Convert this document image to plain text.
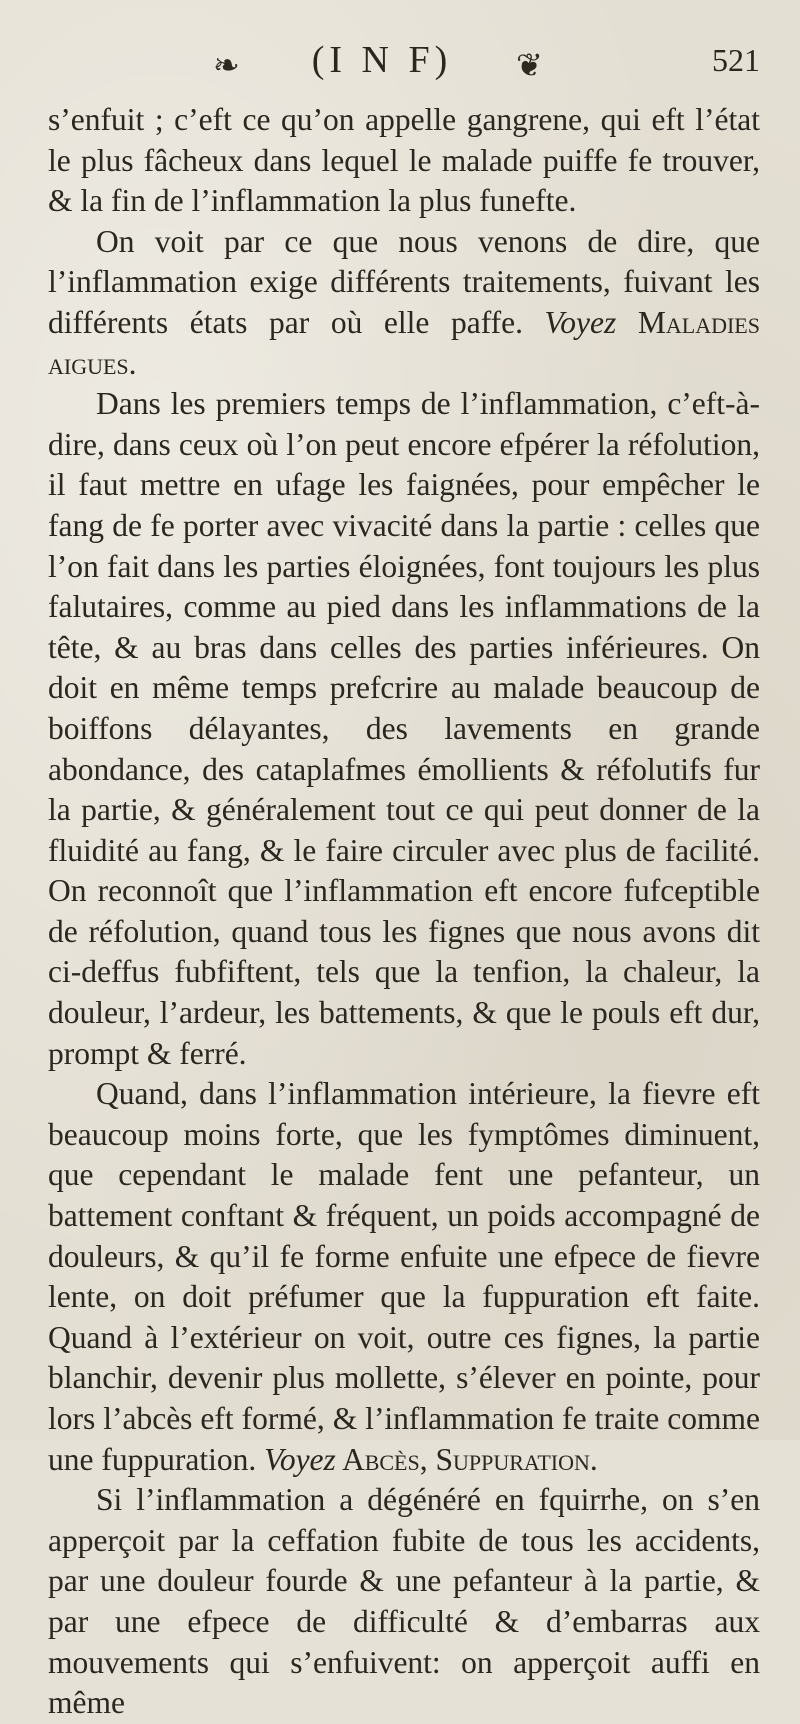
❧	(I N F)	❦	521

s’enfuit ; c’eft ce qu’on appelle gangrene, qui eft l’état le plus fâcheux dans lequel le malade puiffe fe trouver, & la fin de l’inflammation la plus funefte.

On voit par ce que nous venons de dire, que l’inflammation exige différents traitements, fuivant les différents états par où elle paffe. Voyez Maladies aigues.

Dans les premiers temps de l’inflammation, c’eft-à-dire, dans ceux où l’on peut encore efpérer la réfolution, il faut mettre en ufage les faignées, pour empêcher le fang de fe porter avec vivacité dans la partie : celles que l’on fait dans les parties éloignées, font toujours les plus falutaires, comme au pied dans les inflammations de la tête, & au bras dans celles des parties inférieures. On doit en même temps prefcrire au malade beaucoup de boiffons délayantes, des lavements en grande abondance, des cataplafmes émollients & réfolutifs fur la partie, & généralement tout ce qui peut donner de la fluidité au fang, & le faire circuler avec plus de facilité. On reconnoît que l’inflammation eft encore fufceptible de réfolution, quand tous les fignes que nous avons dit ci-deffus fubfiftent, tels que la tenfion, la chaleur, la douleur, l’ardeur, les battements, & que le pouls eft dur, prompt & ferré.

Quand, dans l’inflammation intérieure, la fievre eft beaucoup moins forte, que les fymptômes diminuent, que cependant le malade fent une pefanteur, un battement conftant & fréquent, un poids accompagné de douleurs, & qu’il fe forme enfuite une efpece de fievre lente, on doit préfumer que la fuppuration eft faite. Quand à l’extérieur on voit, outre ces fignes, la partie blanchir, devenir plus mollette, s’élever en pointe, pour lors l’abcès eft formé, & l’inflammation fe traite comme une fuppuration. Voyez Abcès, Suppuration.

Si l’inflammation a dégénéré en fquirrhe, on s’en apperçoit par la ceffation fubite de tous les accidents, par une douleur fourde & une pefanteur à la partie, & par une efpece de difficulté & d’embarras aux mouvements qui s’enfuivent: on apperçoit auffi en même
